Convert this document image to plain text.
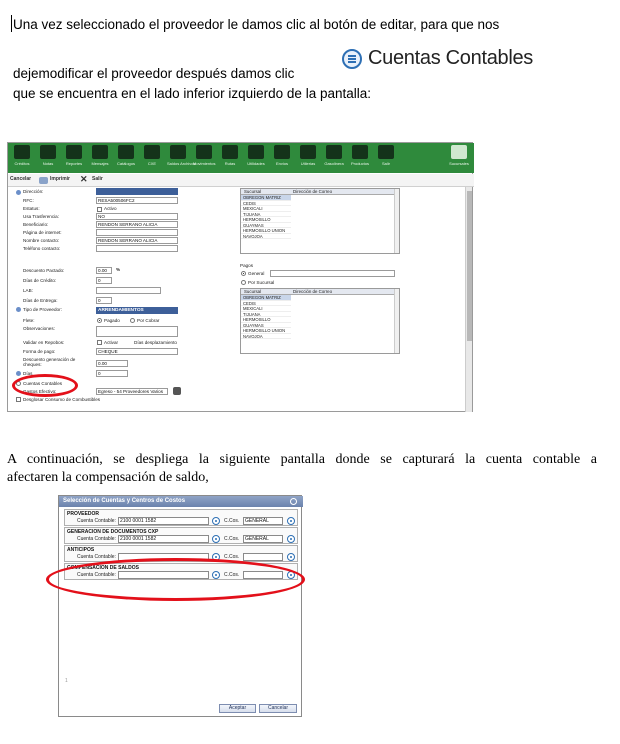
Una vez seleccionado el proveedor le damos clic al botón de editar, para que nos
dejemodificar el proveedor después damos clic
Cuentas Contables
que se encuentra en el lado inferior izquierdo de la pantalla:
Créditos	Notas	Reportes	Mensajes	Catálogos	CXE	Saldos Archivos
Movimientos	Rutas	Utilidades	Envios	Utilerias	Gasolinera	Productos	Salir	Sucursales
Cancelar	Imprimir ✕ Salir
Dirección:
RFC:	RESA500506FC2
Estatus:	Activo
Usa Trasferencia:	NO
Beneficiario:	RENDON SERRANO ALICIA
Página de internet:
Nombre contacto:	RENDON SERRANO ALICIA
Teléfono contacto:
Descuento Pactado:	0.00	%
Días de Crédito:	0
LAB:
Días de Entrega:	0
Tipo de Proveedor:	ARRENDAMIENTOS
Flete:	Pagado	Por Cobrar
Observaciones:
Validar en Repobos:	Activar	Días desplazamiento
Forma de pago:	CHEQUE
Descuento generación de cheques:	0.00
Días	0
Cuentas Contables
Gastos Efectivo:	Egreso - 54 Proveedores Varios
Desglosar Consumo de Combustibles
Sucursal	Dirección de Correo
OBREGON MATRIZ
CEDIS
MEXICALI
TIJUANA
HERMOSILLO
GUAYMAS
HERMOSILLO UNION
NAVOJOA
Pagos
General
Por Sucursal
Sucursal	Dirección de Correo
OBREGON MATRIZ
CEDIS
MEXICALI
TIJUANA
HERMOSILLO
GUAYMAS
HERMOSILLO UNION
NAVOJOA
A continuación, se despliega la siguiente pantalla donde se capturará la cuenta contable a
afectaren la compensación de saldo,
Selección de Cuentas y Centros de Costos
PROVEEDOR
Cuenta Contable: 2100 0001 1582	C.Cos.	GENERAL
GENERACION DE DOCUMENTOS CXP
Cuenta Contable: 2100 0001 1582	C.Cos.	GENERAL
ANTICIPOS
Cuenta Contable:	C.Cos.
COMPENSACION DE SALDOS
Cuenta Contable:	C.Cos.
1
Aceptar	Cancelar
